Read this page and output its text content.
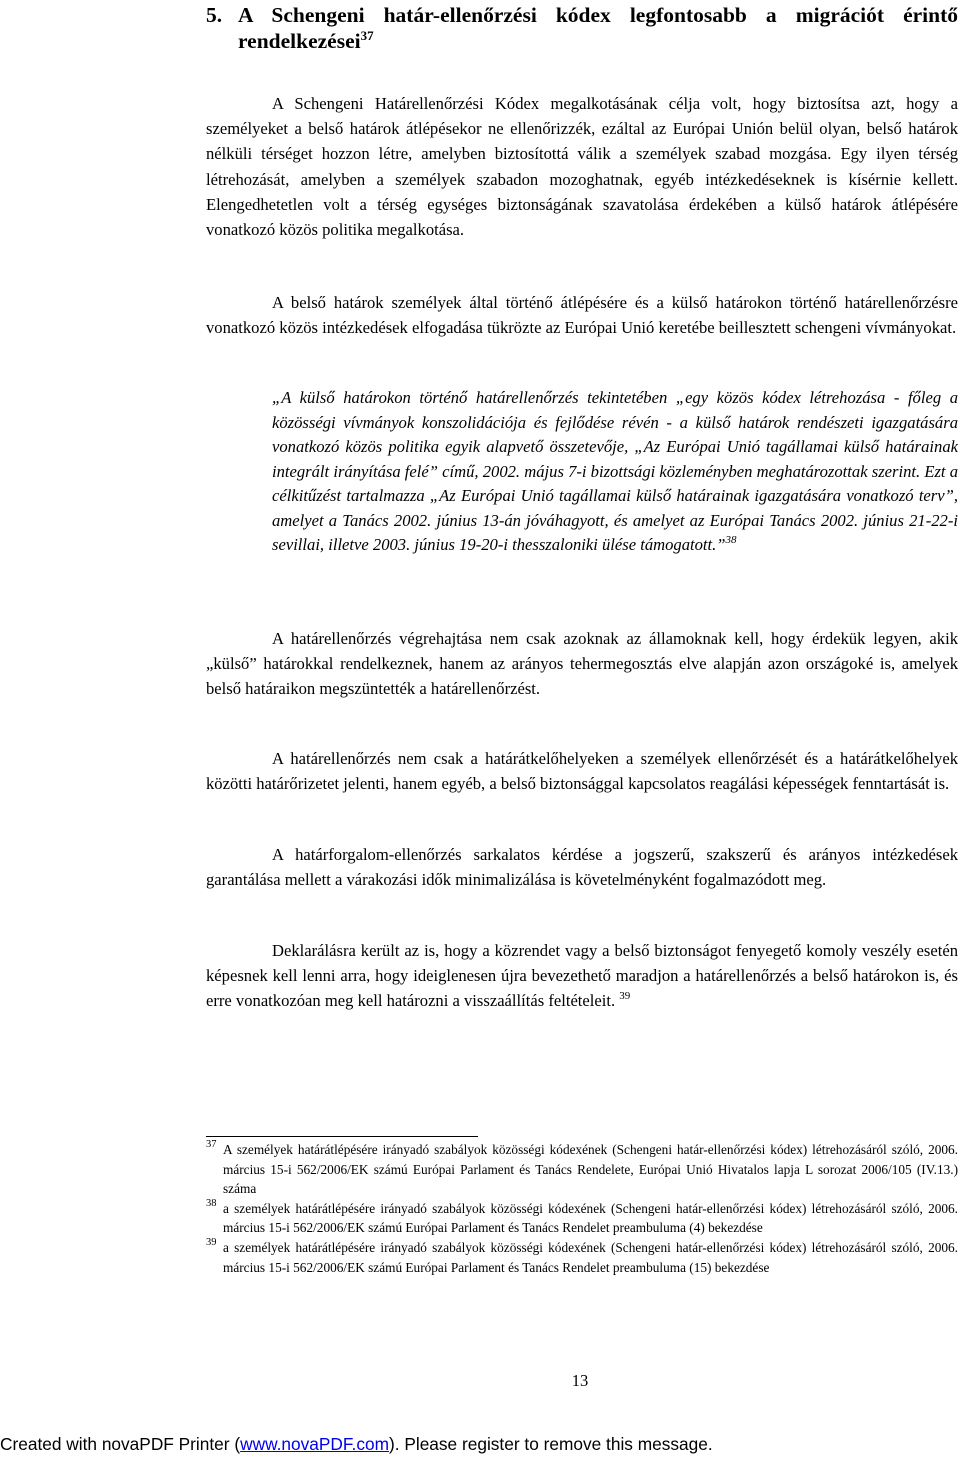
5. A Schengeni határ-ellenőrzési kódex legfontosabb a migrációt érintő rendelkezései$^{37}$

A Schengeni Határellenőrzési Kódex megalkotásának célja volt, hogy biztosítsa azt, hogy a személyeket a belső határok átlépésekor ne ellenőrizzék, ezáltal az Európai Unión belül olyan, belső határok nélküli térséget hozzon létre, amelyben biztosítottá válik a személyek szabad mozgása. Egy ilyen térség létrehozását, amelyben a személyek szabadon mozoghatnak, egyéb intézkedéseknek is kísérnie kellett. Elengedhetetlen volt a térség egységes biztonságának szavatolása érdekében a külső határok átlépésére vonatkozó közös politika megalkotása.

A belső határok személyek által történő átlépésére és a külső határokon történő határellenőrzésre vonatkozó közös intézkedések elfogadása tükrözte az Európai Unió keretébe beillesztett schengeni vívmányokat.

„A külső határokon történő határellenőrzés tekintetében „egy közös kódex létrehozása - főleg a közösségi vívmányok konszolidációja és fejlődése révén - a külső határok rendészeti igazgatására vonatkozó közös politika egyik alapvető összetevője, „Az Európai Unió tagállamai külső határainak integrált irányítása felé” című, 2002. május 7-i bizottsági közleményben meghatározottak szerint. Ezt a célkitűzést tartalmazza „Az Európai Unió tagállamai külső határainak igazgatására vonatkozó terv”, amelyet a Tanács 2002. június 13-án jóváhagyott, és amelyet az Európai Tanács 2002. június 21-22-i sevillai, illetve 2003. június 19-20-i thesszaloniki ülése támogatott.”$^{38}$

A határellenőrzés végrehajtása nem csak azoknak az államoknak kell, hogy érdekük legyen, akik „külső” határokkal rendelkeznek, hanem az arányos tehermegosztás elve alapján azon országoké is, amelyek belső határaikon megszüntették a határellenőrzést.

A határellenőrzés nem csak a határátkelőhelyeken a személyek ellenőrzését és a határátkelőhelyek közötti határőrizetet jelenti, hanem egyéb, a belső biztonsággal kapcsolatos reagálási képességek fenntartását is.

A határforgalom-ellenőrzés sarkalatos kérdése a jogszerű, szakszerű és arányos intézkedések garantálása mellett a várakozási idők minimalizálása is követelményként fogalmazódott meg.

Deklarálásra került az is, hogy a közrendet vagy a belső biztonságot fenyegető komoly veszély esetén képesnek kell lenni arra, hogy ideiglenesen újra bevezethető maradjon a határellenőrzés a belső határokon is, és erre vonatkozóan meg kell határozni a visszaállítás feltételeit. $^{39}$

37 A személyek határátlépésére irányadó szabályok közösségi kódexének (Schengeni határ-ellenőrzési kódex) létrehozásáról szóló, 2006. március 15-i 562/2006/EK számú Európai Parlament és Tanács Rendelete, Európai Unió Hivatalos lapja L sorozat 2006/105 (IV.13.) száma

38 a személyek határátlépésére irányadó szabályok közösségi kódexének (Schengeni határ-ellenőrzési kódex) létrehozásáról szóló, 2006. március 15-i 562/2006/EK számú Európai Parlament és Tanács Rendelet preambuluma (4) bekezdése

39 a személyek határátlépésére irányadó szabályok közösségi kódexének (Schengeni határ-ellenőrzési kódex) létrehozásáról szóló, 2006. március 15-i 562/2006/EK számú Európai Parlament és Tanács Rendelet preambuluma (15) bekezdése

13
Created with novaPDF Printer (www.novaPDF.com). Please register to remove this message.
